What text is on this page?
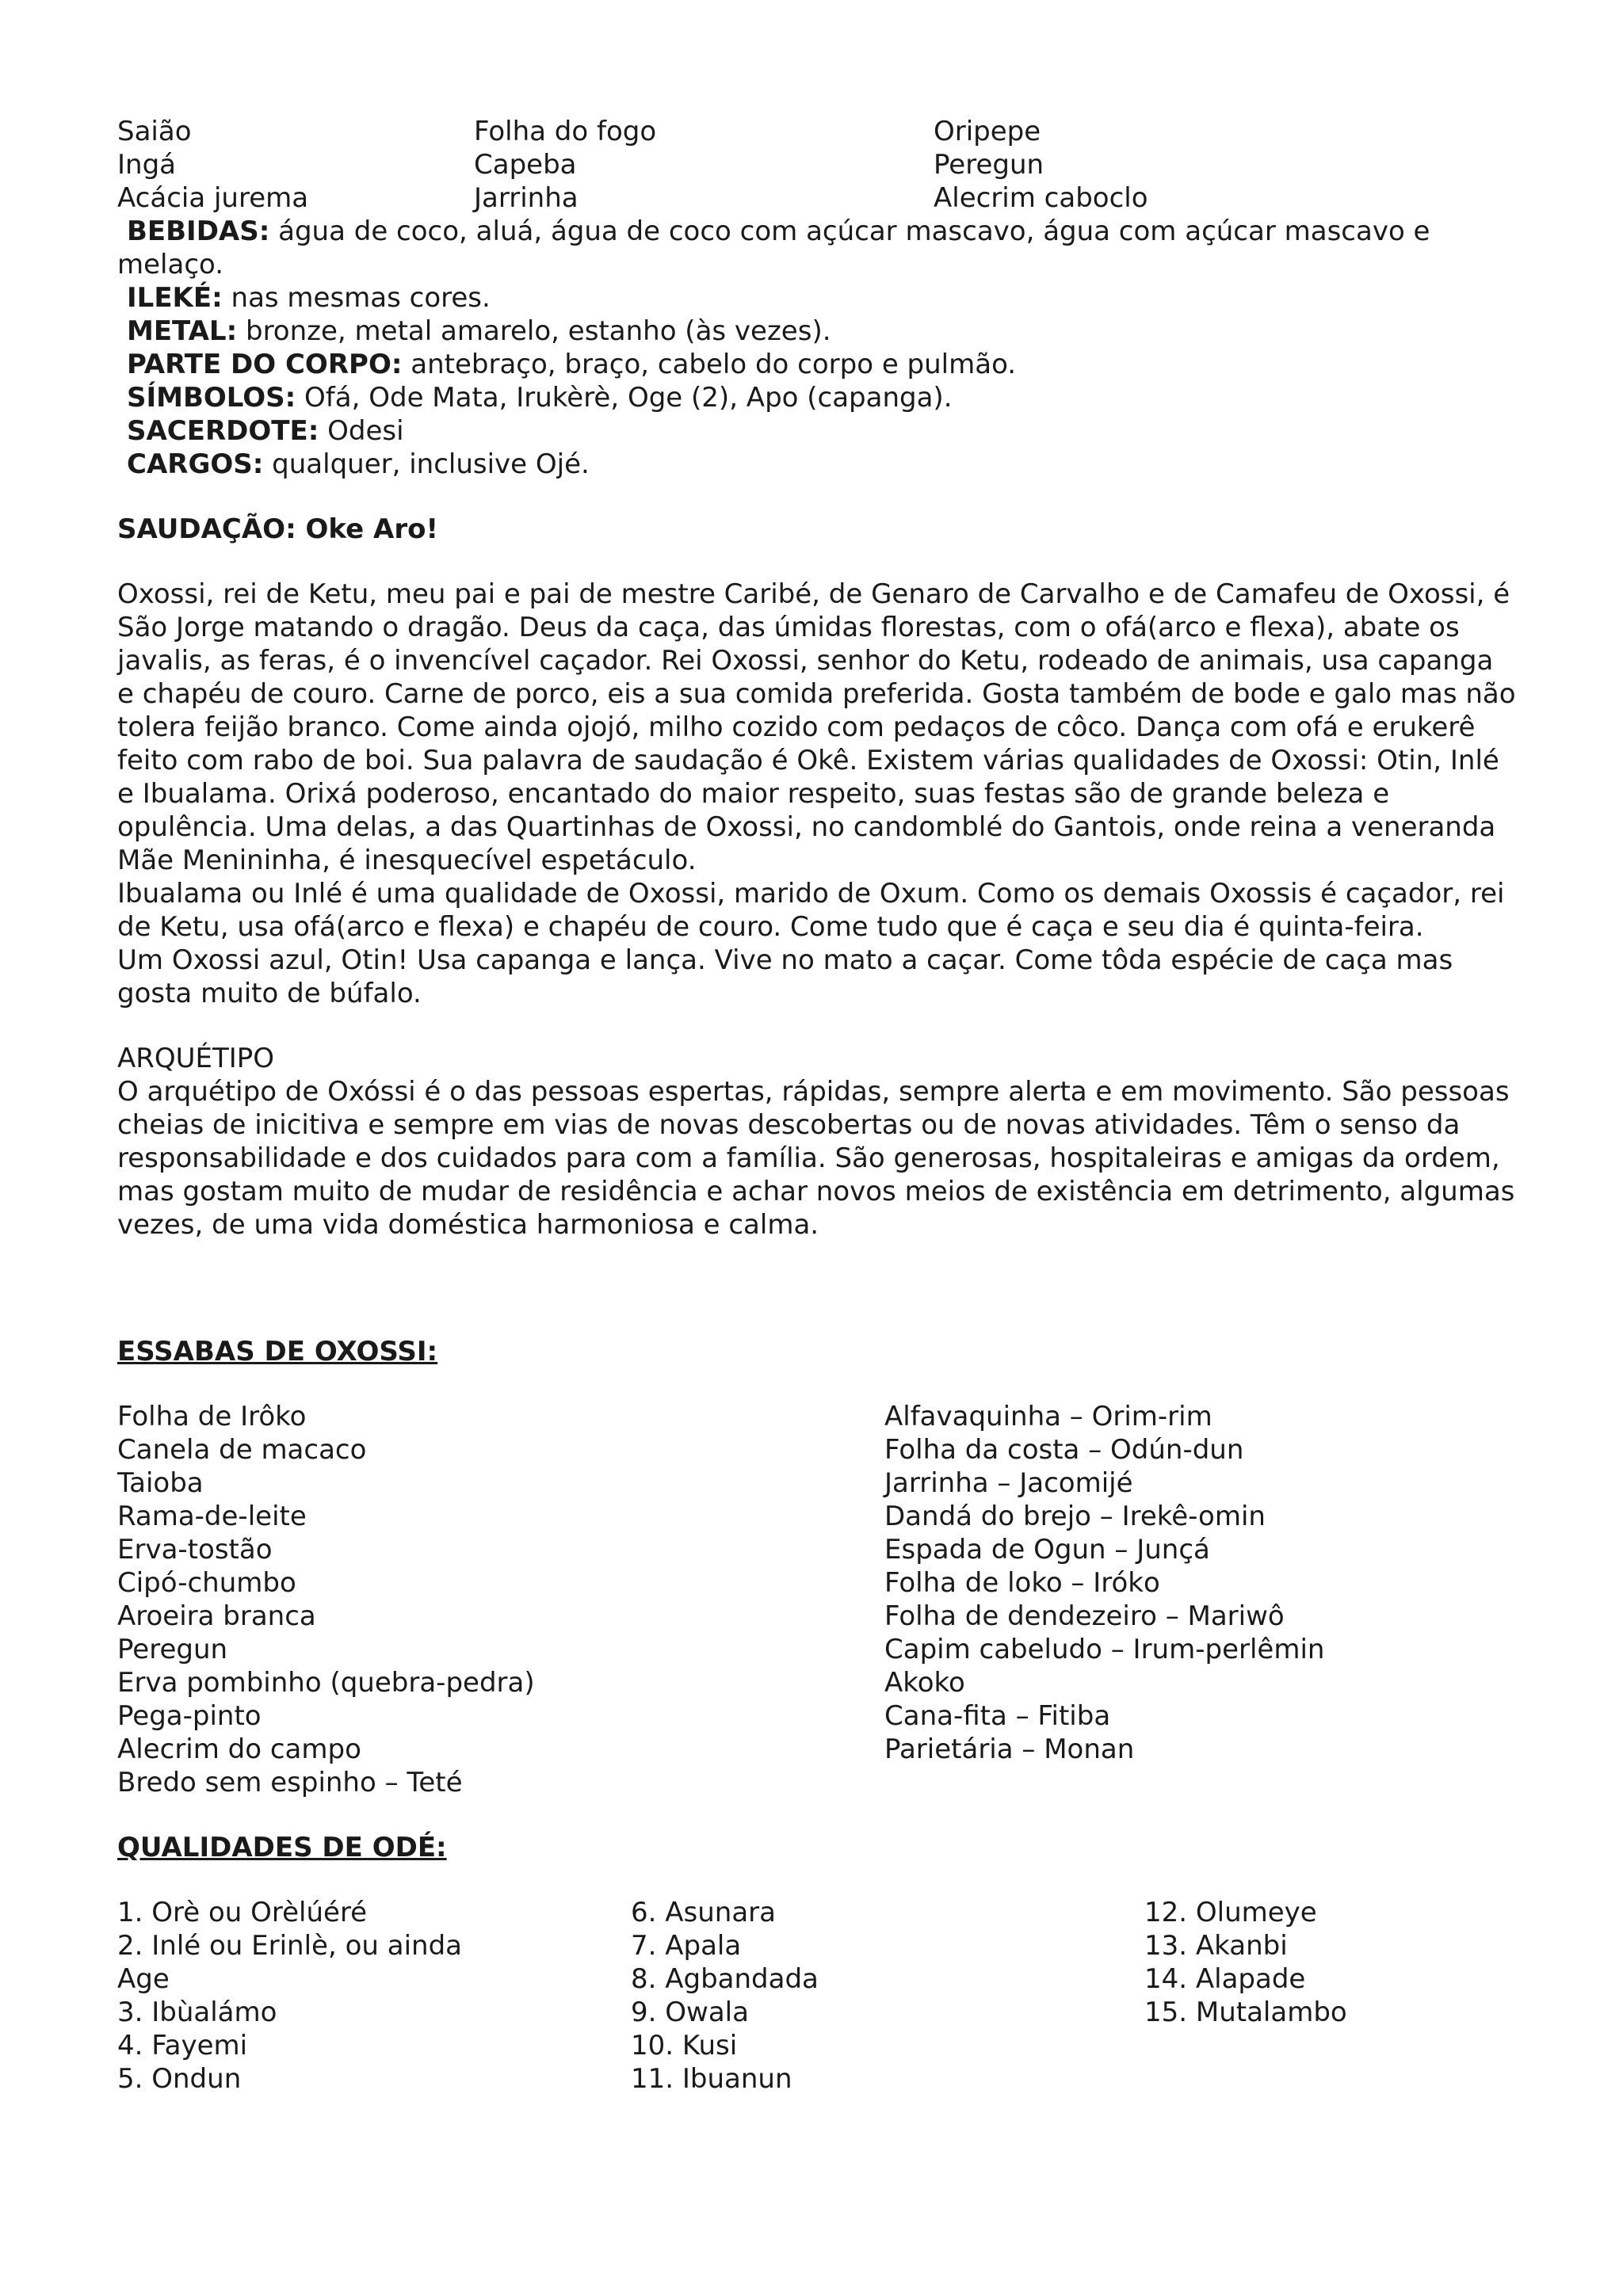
Saião	Folha do fogo	Oripepe
Ingá	Capeba	Peregun
Acácia jurema	Jarrinha	Alecrim caboclo
BEBIDAS: água de coco, aluá, água de coco com açúcar mascavo, água com açúcar mascavo e
melaço.
ILEKÉ: nas mesmas cores.
METAL: bronze, metal amarelo, estanho (às vezes).
PARTE DO CORPO: antebraço, braço, cabelo do corpo e pulmão.
SÍMBOLOS: Ofá, Ode Mata, Irukèrè, Oge (2), Apo (capanga).
SACERDOTE: Odesi
CARGOS: qualquer, inclusive Ojé.
SAUDAÇÃO: Oke Aro!
Oxossi, rei de Ketu, meu pai e pai de mestre Caribé, de Genaro de Carvalho e de Camafeu de Oxossi, é
São Jorge matando o dragão. Deus da caça, das úmidas florestas, com o ofá(arco e flexa), abate os
javalis, as feras, é o invencível caçador. Rei Oxossi, senhor do Ketu, rodeado de animais, usa capanga
e chapéu de couro. Carne de porco, eis a sua comida preferida. Gosta também de bode e galo mas não
tolera feijão branco. Come ainda ojojó, milho cozido com pedaços de côco. Dança com ofá e erukerê
feito com rabo de boi. Sua palavra de saudação é Okê. Existem várias qualidades de Oxossi: Otin, Inlé
e Ibualama. Orixá poderoso, encantado do maior respeito, suas festas são de grande beleza e
opulência. Uma delas, a das Quartinhas de Oxossi, no candomblé do Gantois, onde reina a veneranda
Mãe Menininha, é inesquecível espetáculo.
Ibualama ou Inlé é uma qualidade de Oxossi, marido de Oxum. Como os demais Oxossis é caçador, rei
de Ketu, usa ofá(arco e flexa) e chapéu de couro. Come tudo que é caça e seu dia é quinta-feira.
Um Oxossi azul, Otin! Usa capanga e lança. Vive no mato a caçar. Come tôda espécie de caça mas
gosta muito de búfalo.
ARQUÉTIPO
O arquétipo de Oxóssi é o das pessoas espertas, rápidas, sempre alerta e em movimento. São pessoas
cheias de inicitiva e sempre em vias de novas descobertas ou de novas atividades. Têm o senso da
responsabilidade e dos cuidados para com a família. São generosas, hospitaleiras e amigas da ordem,
mas gostam muito de mudar de residência e achar novos meios de existência em detrimento, algumas
vezes, de uma vida doméstica harmoniosa e calma.
ESSABAS DE OXOSSI:
Folha de Irôko
Canela de macaco
Taioba
Rama-de-leite
Erva-tostão
Cipó-chumbo
Aroeira branca
Peregun
Erva pombinho (quebra-pedra)
Pega-pinto
Alecrim do campo
Bredo sem espinho – Teté
Alfavaquinha – Orim-rim
Folha da costa – Odún-dun
Jarrinha – Jacomijé
Dandá do brejo – Irekê-omin
Espada de Ogun – Junçá
Folha de loko – Irókо
Folha de dendezeiro – Mariwô
Capim cabeludo – Irum-perlêmin
Akoko
Cana-fita – Fitiba
Parietária – Monan
QUALIDADES DE ODÉ:
1. Orè ou Orèlúéré
2. Inlé ou Erinlè, ou ainda
Age
3. Ibùalámo
4. Fayemi
5. Ondun
6. Asunara
7. Apala
8. Agbandada
9. Owala
10. Kusi
11. Ibuanun
12. Olumeye
13. Akanbi
14. Alapade
15. Mutalambo
